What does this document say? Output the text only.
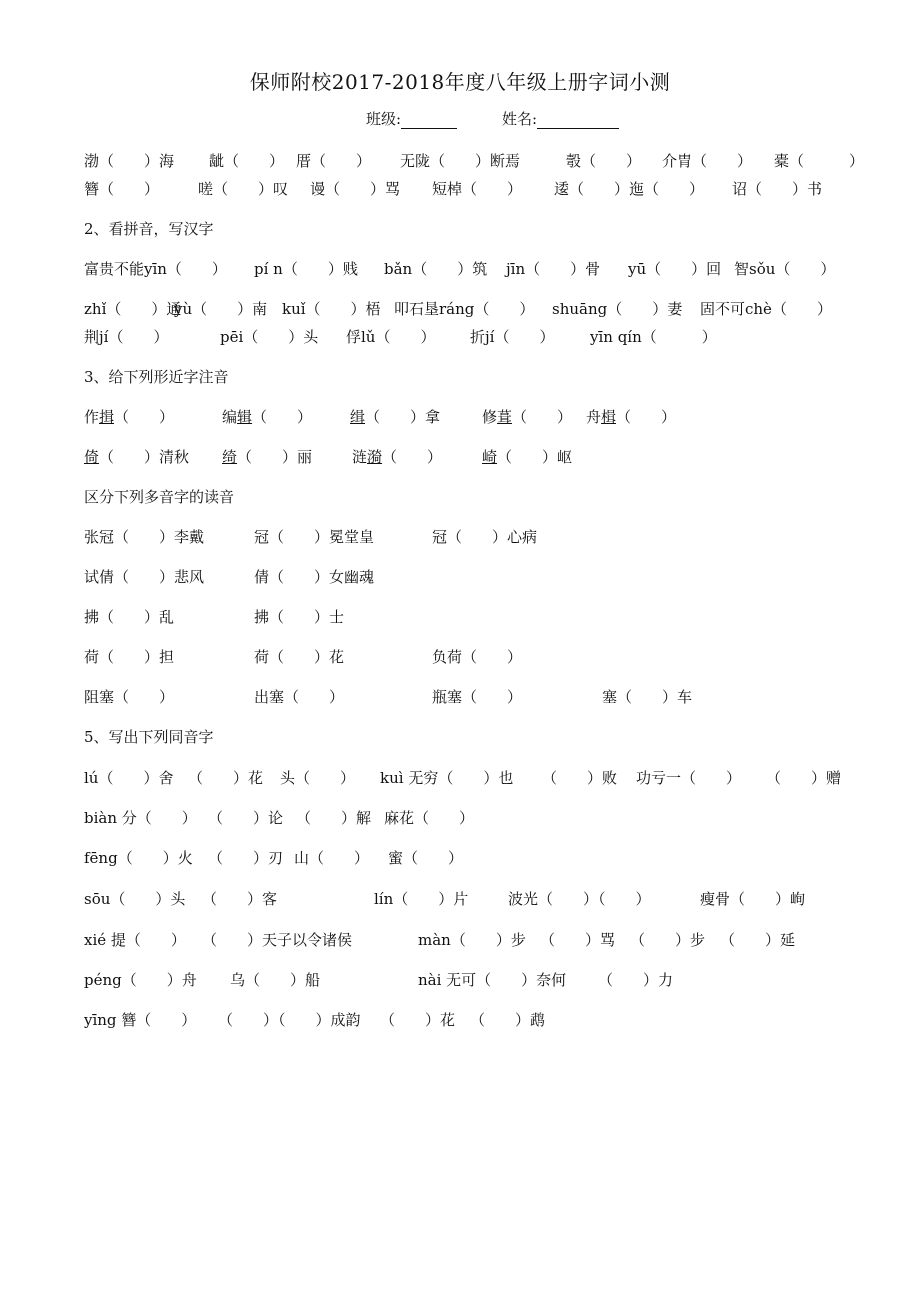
保师附校2017-2018年度八年级上册字词小测
班级:	姓名:
渤（　　）海 龇（　　） 厝（　　） 无陇（　　）断焉	彀（　　） 介胄（　　） 橐（　　　）
簪（　　）	嗟（　　）叹 谩（　　）骂 短棹（　　） 逶（　　）迤（　　） 诏（　　）书
2、看拼音，写汉字
富贵不能yīn（　　） pí n（　　）贱 bǎn（　　）筑 jīn（　　）骨 yū（　　）回 智sǒu（　　）
zhǐ（　　）通
yù（　　）南 kuǐ（　　）梧 叩石垦ráng（　　） shuāng（　　）妻 固不可chè（　　）
荆jí（　　）	pēi（　　）头 俘lǔ（　　） 折jí（　　） yīn qín（　　　）
3、给下列形近字注音
作揖（　　）	编辑（　　）	缉（　　）拿	修葺（　　） 舟楫（　　）
倚（　　）清秋 绮（　　）丽	涟漪（　　）	崎（　　）岖
区分下列多音字的读音
张冠（　　）李戴	冠（　　）冕堂皇	冠（　　）心病
试倩（　　）悲风	倩（　　）女幽魂
拂（　　）乱	拂（　　）士
荷（　　）担	荷（　　）花	负荷（　　）
阻塞（　　）	出塞（　　）	瓶塞（　　）	塞（　　）车
5、写出下列同音字
lú（　　）舍 （　　）花 头（　　） kuì 无穷（　　）也 （　　）败 功亏一（　　） （　　）赠
biàn 分（　　） （　　）论 （　　）解 麻花（　　）
fēng（　　）火 （　　）刃 山（　　） 蜜（　　）
sōu（　　）头 （　　）客	lín（　　）片	波光（　　）（　　）	瘦骨（　　）峋
xié 提（　　） （　　）天子以令诸侯	màn（　　）步 （　　）骂 （　　）步 （　　）延
péng（　　）舟 乌（　　）船	nài 无可（　　）奈何 （　　）力
yīng 簪（　　） （　　）（　　）成韵 （　　）花 （　　）鹉
